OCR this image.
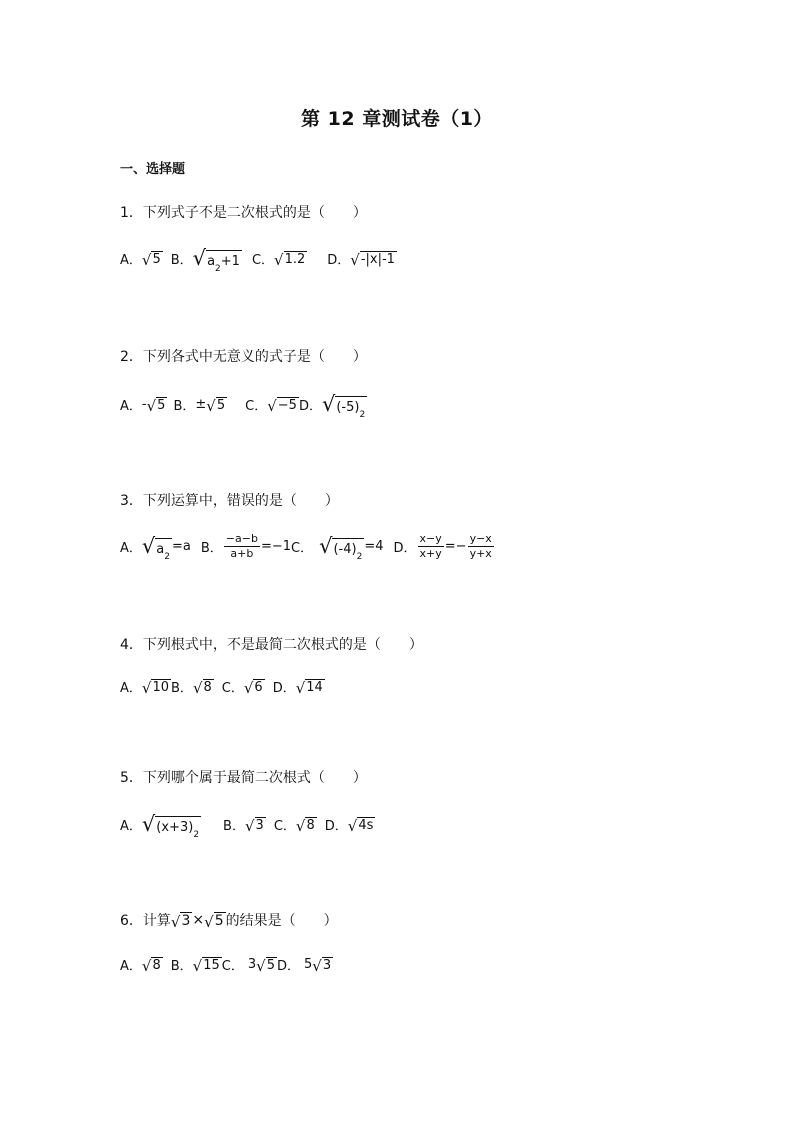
第 12 章测试卷（1）
一、选择题
1．下列式子不是二次根式的是（　　）
A． √ 5 B． √ a
2
+1 C． √ 1.2 D． √ -|x|-1
2．下列各式中无意义的式子是（　　）
A． - √ 5 B． ± √ 5 C． √ −5 D． √ (-5)
2
3．下列运算中，错误的是（　　）
A． √ a
2
=a B． $\frac{-a-b}{a+b} =-1$ C． √ (-4)
2
=4 D． $\frac{x-y}{x+y} =- \frac{y-x}{y+x}$
4．下列根式中，不是最简二次根式的是（　　）
A． √ 10 B． √ 8 C． √ 6 D． √ 14
5．下列哪个属于最简二次根式（　　）
A． √ (x+3)
2
B． √ 3 C． √ 8 D． √ 4s
6．计算 √ 3 × √ 5 的结果是（　　）
A． √ 8 B． √ 15 C． 3 √ 5 D． 5 √ 3
